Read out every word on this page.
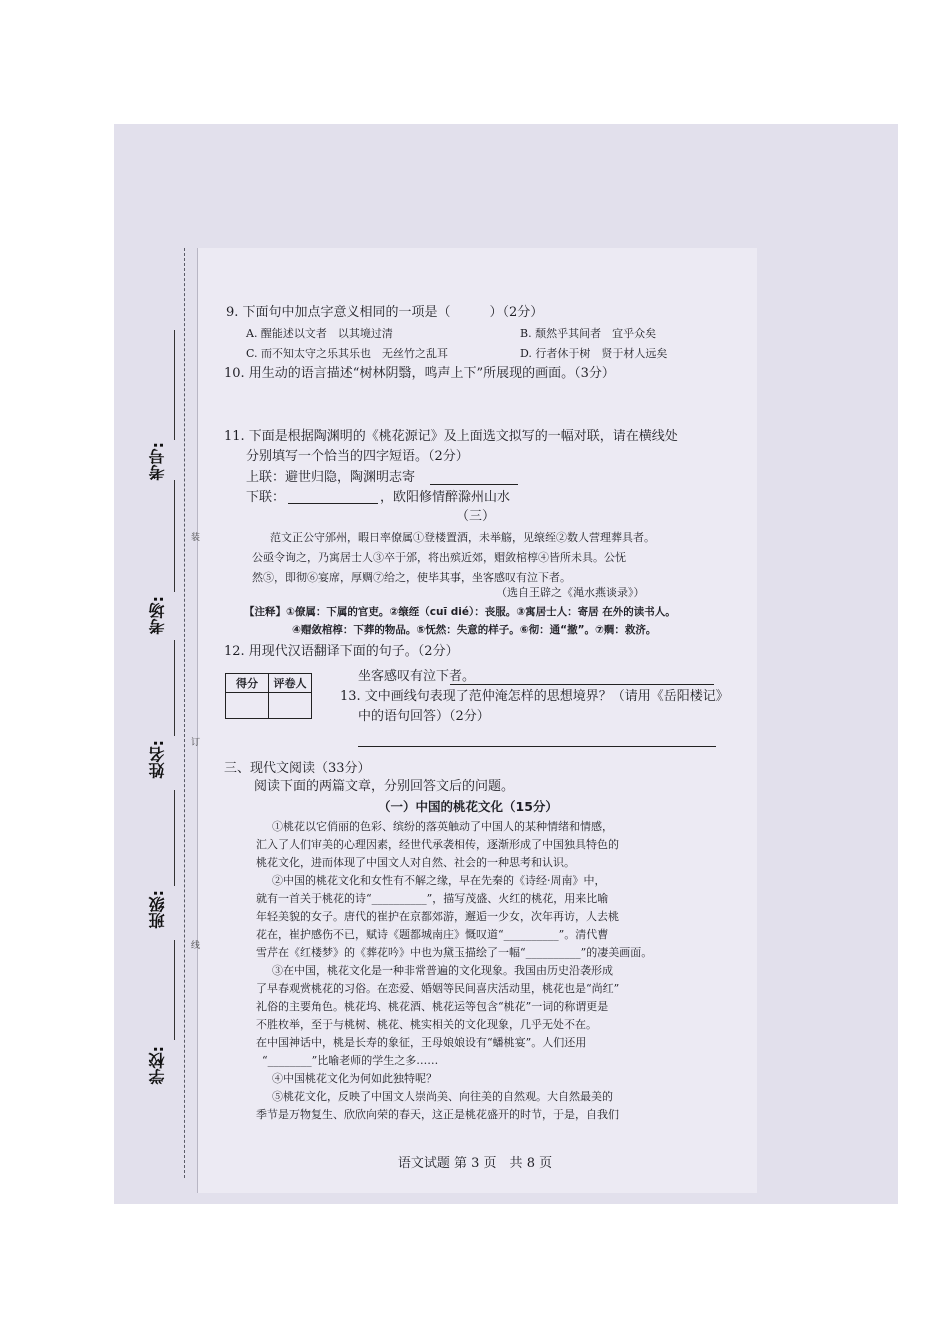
考号:
考场:
姓名:
班级:
学校:
装
订
线
9. 下面句中加点字意义相同的一项是（　　　）（2分）
A. 醒能述以文者　以其境过清	B. 颓然乎其间者　宜乎众矣
C. 而不知太守之乐其乐也　无丝竹之乱耳	D. 行者休于树　贤于材人远矣
10. 用生动的语言描述“树林阴翳，鸣声上下”所展现的画面。（3分）
11. 下面是根据陶渊明的《桃花源记》及上面选文拟写的一幅对联，请在横线处
分别填写一个恰当的四字短语。（2分）
上联：避世归隐，陶渊明志寄
下联：	，欧阳修情醉滁州山水
（三）
范文正公守邠州，暇日率僚属①登楼置酒，未举觞，见缞绖②数人营理葬具者。
公亟令询之，乃寓居士人③卒于邠，将出殡近郊，赗敛棺椁④皆所未具。公怃
然⑤，即彻⑥宴席，厚赒⑦给之，使毕其事，坐客感叹有泣下者。
（选自王辟之《渑水燕谈录》）
【注释】①僚属：下属的官吏。②缞绖（cuī dié）：丧服。③寓居士人：寄居 在外的读书人。
④赗敛棺椁：下葬的物品。⑤怃然：失意的样子。⑥彻：通“撤”。⑦赒：救济。
12. 用现代汉语翻译下面的句子。（2分）
坐客感叹有泣下者。
得分	评卷人

13. 文中画线句表现了范仲淹怎样的思想境界？（请用《岳阳楼记》
中的语句回答）（2分）
三、现代文阅读（33分）
阅读下面的两篇文章，分别回答文后的问题。
（一）中国的桃花文化（15分）
①桃花以它俏丽的色彩、缤纷的落英触动了中国人的某种情绪和情感，
汇入了人们审美的心理因素，经世代承袭相传，逐渐形成了中国独具特色的
桃花文化，进而体现了中国文人对自然、社会的一种思考和认识。
②中国的桃花文化和女性有不解之缘，早在先秦的《诗经·周南》中，
就有一首关于桃花的诗“__________”，描写茂盛、火红的桃花，用来比喻
年轻美貌的女子。唐代的崔护在京都郊游，邂逅一少女，次年再访，人去桃
花在，崔护感伤不已，赋诗《题都城南庄》慨叹道“__________”。清代曹
雪芹在《红楼梦》的《葬花吟》中也为黛玉描绘了一幅“__________”的凄美画面。
③在中国，桃花文化是一种非常普遍的文化现象。我国由历史沿袭形成
了早春观赏桃花的习俗。在恋爱、婚姻等民间喜庆活动里，桃花也是“尚红”
礼俗的主要角色。桃花坞、桃花酒、桃花运等包含“桃花”一词的称谓更是
不胜枚举，至于与桃树、桃花、桃实相关的文化现象，几乎无处不在。
在中国神话中，桃是长寿的象征，王母娘娘设有“蟠桃宴”。人们还用
“________”比喻老师的学生之多……
④中国桃花文化为何如此独特呢？
⑤桃花文化，反映了中国文人崇尚美、向往美的自然观。大自然最美的
季节是万物复生、欣欣向荣的春天，这正是桃花盛开的时节，于是，自我们
语文试题 第 3 页　共 8 页
